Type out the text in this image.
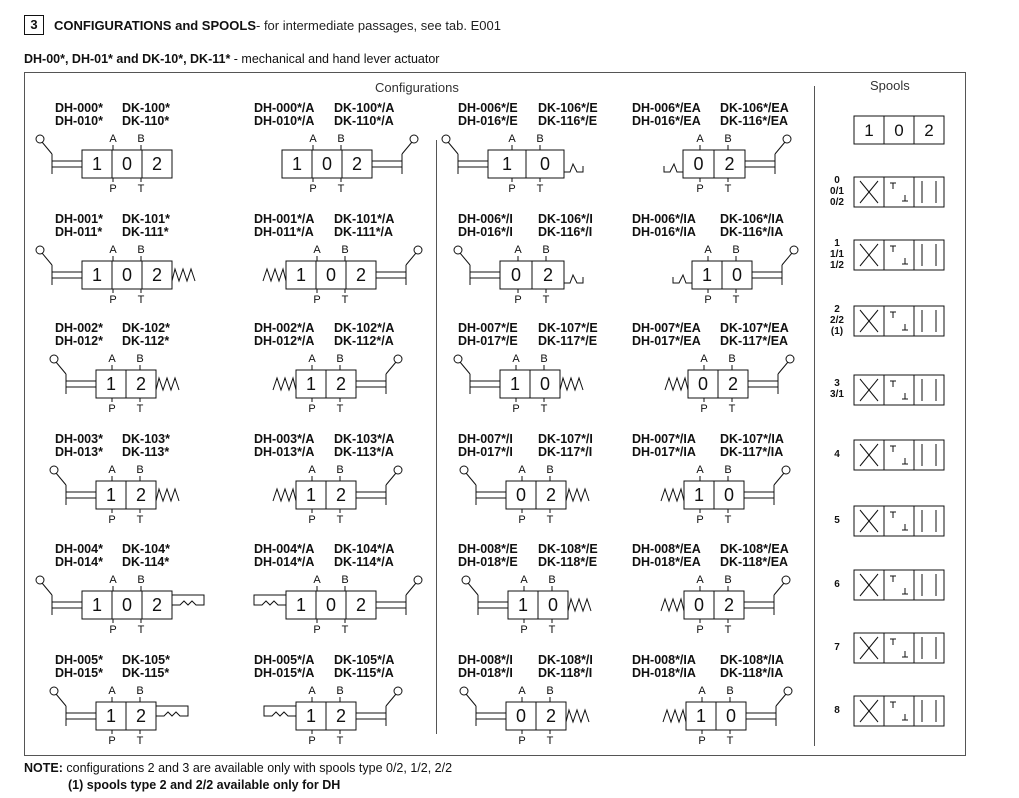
3	CONFIGURATIONS and SPOOLS - for intermediate passages, see tab. E001
DH-00*, DH-01* and DK-10*, DK-11* - mechanical and hand lever actuator
Configurations	Spools
DH-000* DK-100*
DH-010* DK-110*
DH-000*/A DK-100*/A
DH-010*/A DK-110*/A
DH-006*/E DK-106*/E
DH-016*/E DK-116*/E
DH-006*/EA DK-106*/EA
DH-016*/EA DK-116*/EA
DH-001* DK-101*
DH-011* DK-111*
DH-001*/A DK-101*/A
DH-011*/A DK-111*/A
DH-006*/I DK-106*/I
DH-016*/I DK-116*/I
DH-006*/IA DK-106*/IA
DH-016*/IA DK-116*/IA
DH-002* DK-102*
DH-012* DK-112*
DH-002*/A DK-102*/A
DH-012*/A DK-112*/A
DH-007*/E DK-107*/E
DH-017*/E DK-117*/E
DH-007*/EA DK-107*/EA
DH-017*/EA DK-117*/EA
DH-003* DK-103*
DH-013* DK-113*
DH-003*/A DK-103*/A
DH-013*/A DK-113*/A
DH-007*/I DK-107*/I
DH-017*/I DK-117*/I
DH-007*/IA DK-107*/IA
DH-017*/IA DK-117*/IA
DH-004* DK-104*
DH-014* DK-114*
DH-004*/A DK-104*/A
DH-014*/A DK-114*/A
DH-008*/E DK-108*/E
DH-018*/E DK-118*/E
DH-008*/EA DK-108*/EA
DH-018*/EA DK-118*/EA
DH-005* DK-105*
DH-015* DK-115*
DH-005*/A DK-105*/A
DH-015*/A DK-115*/A
DH-008*/I DK-108*/I
DH-018*/I DK-118*/I
DH-008*/IA DK-108*/IA
DH-018*/IA DK-118*/IA
0
0/1
0/2
1
1/1
1/2
2
2/2
(1)
3
3/1
4
5
6
7
8
1 0 2
A B
P T
1 0 2
A B
P T
1 0
A B
P T
0 2
A B
P T
1 0 2
A B
P T
1 0 2
A B
P T
0 2
A B
P T
1 0
A B
P T
1 2
A B
P T
1 2
A B
P T
1 0
A B
P T
0 2
A B
P T
1 2
A B
P T
1 2
A B
P T
0 2
A B
P T
1 0
A B
P T
1 0 2
A B
P T
1 0 2
A B
P T
1 0
A B
P T
0 2
A B
P T
1 2
A B
P T
1 2
A B
P T
0 2
A B
P T
1 0
A B
P T
1 0 2
NOTE: configurations 2 and 3 are available only with spools type 0/2, 1/2, 2/2
(1) spools type 2 and 2/2 available only for DH
